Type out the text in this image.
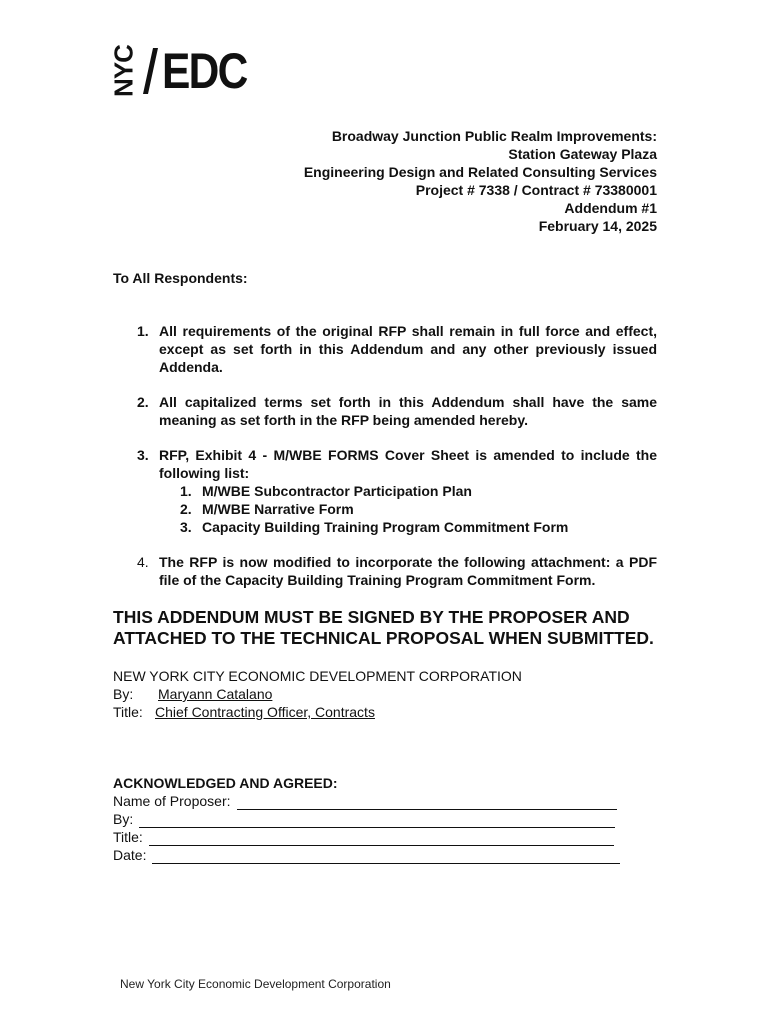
NYC EDC
Broadway Junction Public Realm Improvements:
Station Gateway Plaza
Engineering Design and Related Consulting Services
Project # 7338 / Contract # 73380001
Addendum #1
February 14, 2025
To All Respondents:
1. All requirements of the original RFP shall remain in full force and effect, except as set forth in this Addendum and any other previously issued Addenda.
2. All capitalized terms set forth in this Addendum shall have the same meaning as set forth in the RFP being amended hereby.
3. RFP, Exhibit 4 - M/WBE FORMS Cover Sheet is amended to include the following list:
1. M/WBE Subcontractor Participation Plan
2. M/WBE Narrative Form
3. Capacity Building Training Program Commitment Form
4. The RFP is now modified to incorporate the following attachment: a PDF file of the Capacity Building Training Program Commitment Form.
THIS ADDENDUM MUST BE SIGNED BY THE PROPOSER AND ATTACHED TO THE TECHNICAL PROPOSAL WHEN SUBMITTED.
NEW YORK CITY ECONOMIC DEVELOPMENT CORPORATION
By:	Maryann Catalano
Title: Chief Contracting Officer, Contracts
ACKNOWLEDGED AND AGREED:
Name of Proposer:
By:
Title:
Date:
New York City Economic Development Corporation
